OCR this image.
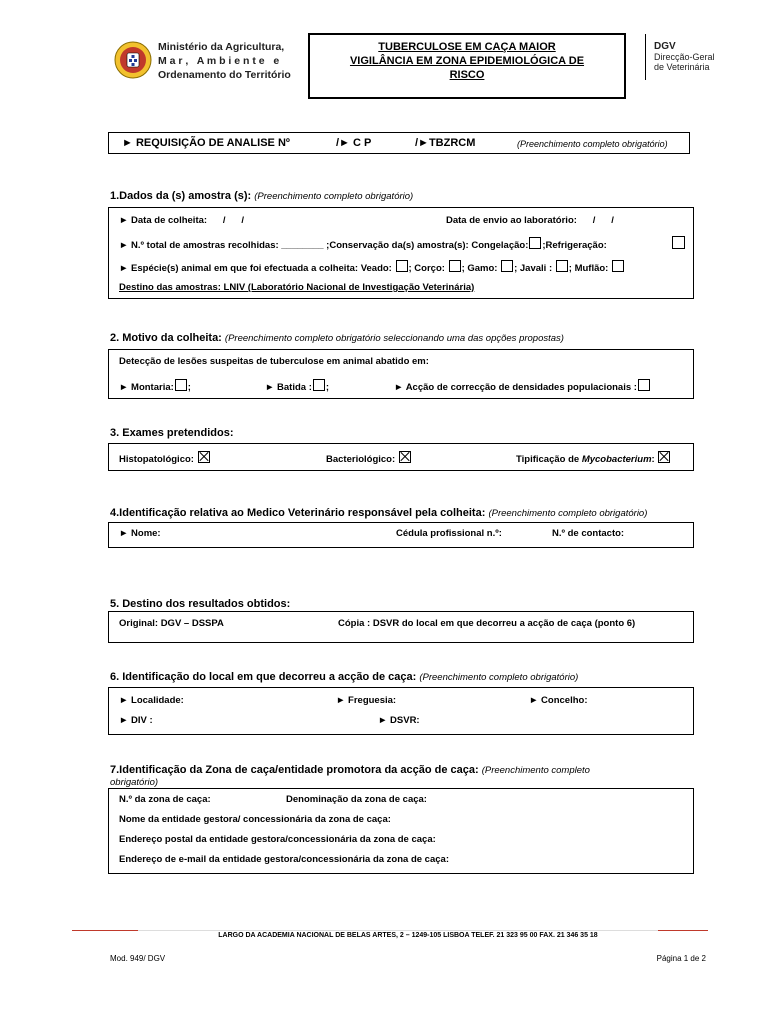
Ministério da Agricultura,
M a r ,   A m b i e n t e   e
Ordenamento do Território
TUBERCULOSE EM CAÇA MAIOR
VIGILÂNCIA EM ZONA EPIDEMIOLÓGICA DE
RISCO
DGV
Direcção-Geral
de Veterinária
► REQUISIÇÃO DE ANALISE Nº	/► C P	/►TBZRCM	(Preenchimento completo obrigatório)
1.Dados da (s) amostra (s): (Preenchimento completo obrigatório)
► Data de colheita:      /      /	Data de envio ao laboratório:      /      /
► N.º total de amostras recolhidas: ________ ;Conservação da(s) amostra(s): Congelação: ;Refrigeração:
► Espécie(s) animal em que foi efectuada a colheita: Veado: ; Corço: ; Gamo: ; Javali : ; Muflão:
Destino das amostras: LNIV (Laboratório Nacional de Investigação Veterinária)
2. Motivo da colheita: (Preenchimento completo obrigatório seleccionando uma das opções propostas)
Detecção de lesões suspeitas de tuberculose em animal abatido em:
► Montaria: ;	► Batida : ;	► Acção de correcção de densidades populacionais :
3. Exames pretendidos:
Histopatológico:	Bacteriológico:	Tipificação de Mycobacterium:
4.Identificação relativa ao Medico Veterinário responsável pela colheita: (Preenchimento completo obrigatório)
► Nome:	Cédula profissional n.º:	N.º de contacto:
5. Destino dos resultados obtidos:
Original: DGV – DSSPA	Cópia : DSVR do local em que decorreu a acção de caça (ponto 6)
6. Identificação do local em que decorreu a acção de caça: (Preenchimento completo obrigatório)
► Localidade:	► Freguesia:	► Concelho:
► DIV :	► DSVR:
7.Identificação da Zona de caça/entidade promotora da acção de caça: (Preenchimento completo
obrigatório)
N.º da zona de caça:	Denominação da zona de caça:
Nome da entidade gestora/ concessionária da zona de caça:
Endereço postal da entidade gestora/concessionária da zona de caça:
Endereço de e-mail da entidade gestora/concessionária da zona de caça:
LARGO DA ACADEMIA NACIONAL DE BELAS ARTES, 2 – 1249-105 LISBOA TELEF. 21 323 95 00 FAX. 21 346 35 18
Mod. 949/ DGV	Página 1 de 2
